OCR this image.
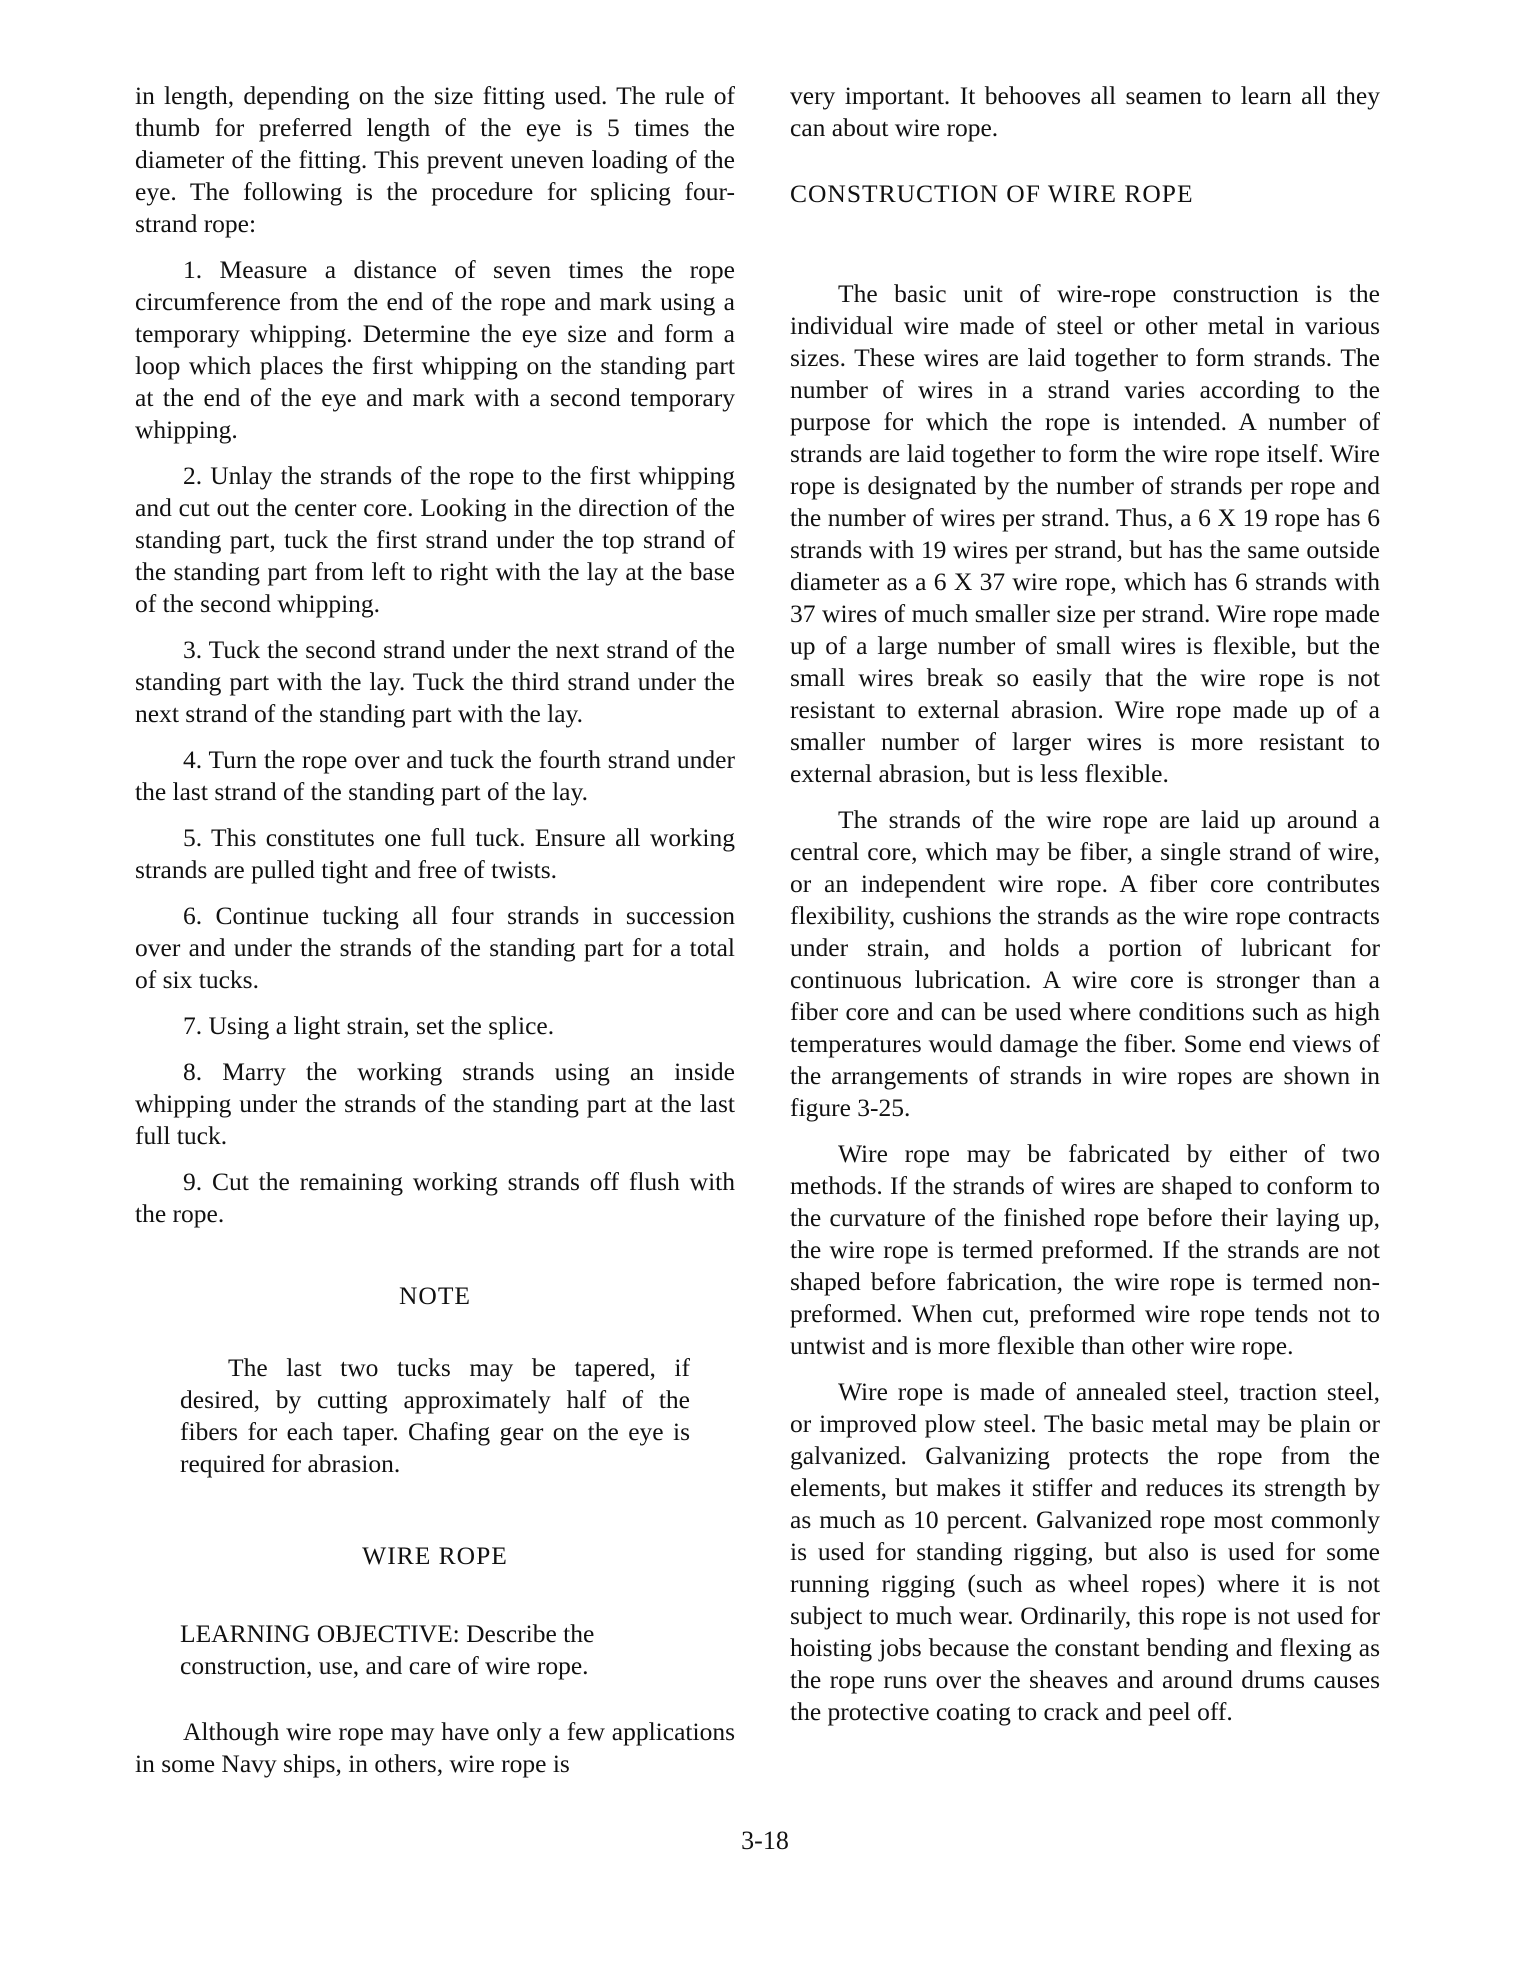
in length, depending on the size fitting used. The rule of thumb for preferred length of the eye is 5 times the diameter of the fitting. This prevent uneven loading of the eye. The following is the procedure for splicing four-strand rope:

1. Measure a distance of seven times the rope circumference from the end of the rope and mark using a temporary whipping. Determine the eye size and form a loop which places the first whipping on the standing part at the end of the eye and mark with a second temporary whipping.

2. Unlay the strands of the rope to the first whipping and cut out the center core. Looking in the direction of the standing part, tuck the first strand under the top strand of the standing part from left to right with the lay at the base of the second whipping.

3. Tuck the second strand under the next strand of the standing part with the lay. Tuck the third strand under the next strand of the standing part with the lay.

4. Turn the rope over and tuck the fourth strand under the last strand of the standing part of the lay.

5. This constitutes one full tuck. Ensure all working strands are pulled tight and free of twists.

6. Continue tucking all four strands in succession over and under the strands of the standing part for a total of six tucks.

7. Using a light strain, set the splice.

8. Marry the working strands using an inside whipping under the strands of the standing part at the last full tuck.

9. Cut the remaining working strands off flush with the rope.

NOTE

The last two tucks may be tapered, if desired, by cutting approximately half of the fibers for each taper. Chafing gear on the eye is required for abrasion.

WIRE ROPE

LEARNING OBJECTIVE: Describe the construction, use, and care of wire rope.

Although wire rope may have only a few applications in some Navy ships, in others, wire rope is

very important. It behooves all seamen to learn all they can about wire rope.

CONSTRUCTION OF WIRE ROPE

The basic unit of wire-rope construction is the individual wire made of steel or other metal in various sizes. These wires are laid together to form strands. The number of wires in a strand varies according to the purpose for which the rope is intended. A number of strands are laid together to form the wire rope itself. Wire rope is designated by the number of strands per rope and the number of wires per strand. Thus, a 6 X 19 rope has 6 strands with 19 wires per strand, but has the same outside diameter as a 6 X 37 wire rope, which has 6 strands with 37 wires of much smaller size per strand. Wire rope made up of a large number of small wires is flexible, but the small wires break so easily that the wire rope is not resistant to external abrasion. Wire rope made up of a smaller number of larger wires is more resistant to external abrasion, but is less flexible.

The strands of the wire rope are laid up around a central core, which may be fiber, a single strand of wire, or an independent wire rope. A fiber core contributes flexibility, cushions the strands as the wire rope contracts under strain, and holds a portion of lubricant for continuous lubrication. A wire core is stronger than a fiber core and can be used where conditions such as high temperatures would damage the fiber. Some end views of the arrangements of strands in wire ropes are shown in figure 3-25.

Wire rope may be fabricated by either of two methods. If the strands of wires are shaped to conform to the curvature of the finished rope before their laying up, the wire rope is termed preformed. If the strands are not shaped before fabrication, the wire rope is termed non-preformed. When cut, preformed wire rope tends not to untwist and is more flexible than other wire rope.

Wire rope is made of annealed steel, traction steel, or improved plow steel. The basic metal may be plain or galvanized. Galvanizing protects the rope from the elements, but makes it stiffer and reduces its strength by as much as 10 percent. Galvanized rope most commonly is used for standing rigging, but also is used for some running rigging (such as wheel ropes) where it is not subject to much wear. Ordinarily, this rope is not used for hoisting jobs because the constant bending and flexing as the rope runs over the sheaves and around drums causes the protective coating to crack and peel off.

3-18
